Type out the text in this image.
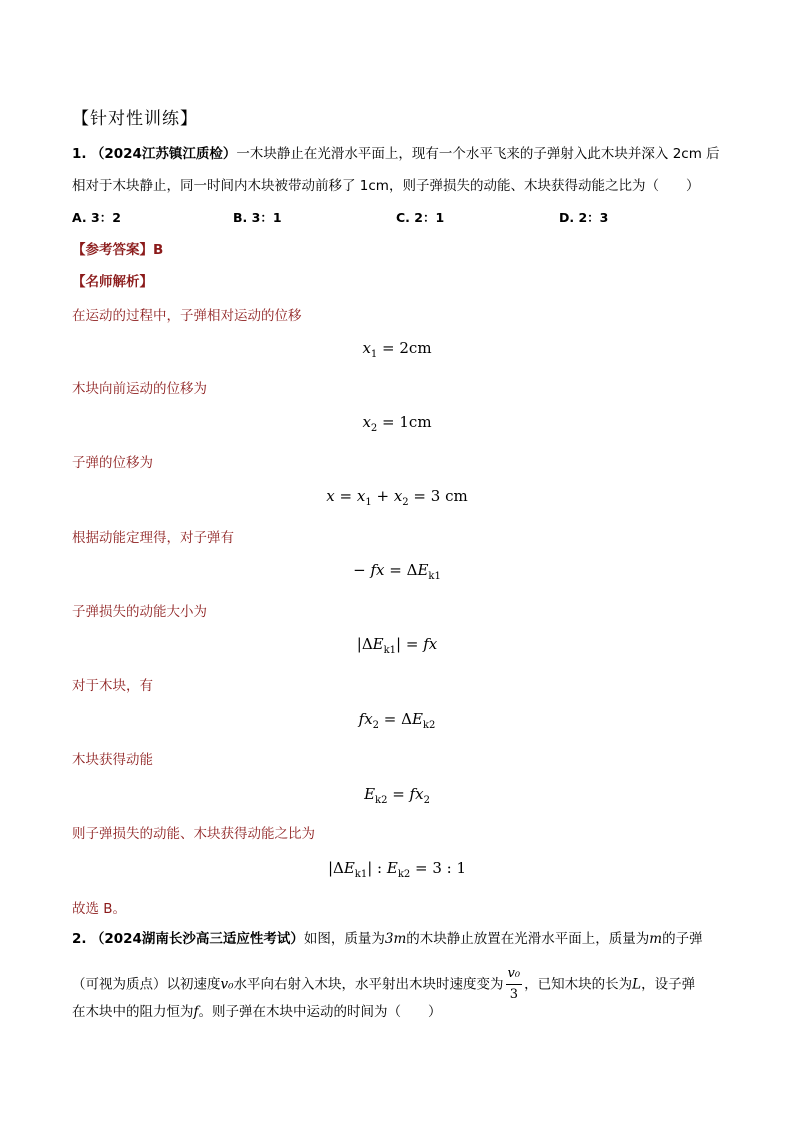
【针对性训练】
1. （2024江苏镇江质检）一木块静止在光滑水平面上，现有一个水平飞来的子弹射入此木块并深入 2cm 后
相对于木块静止，同一时间内木块被带动前移了 1cm，则子弹损失的动能、木块获得动能之比为（　　）
A. 3：2	B. 3：1	C. 2：1	D. 2：3
【参考答案】B
【名师解析】
在运动的过程中，子弹相对运动的位移
$x_1 = 2cm$
木块向前运动的位移为
$x_2 = 1cm$
子弹的位移为
$x = x_1 + x_2 = 3$ cm
根据动能定理得，对子弹有
− fx = $\Delta E_{k1}$
子弹损失的动能大小为
$|\Delta E_{k1}|$ = fx
对于木块，有
$fx_2 = \Delta E_{k2}$
木块获得动能
$E_{k2} = fx_2$
则子弹损失的动能、木块获得动能之比为
$|\Delta E_{k1}|$ : $E_{k2} = 3$ : 1
故选 B。
2. （2024湖南长沙高三适应性考试）如图，质量为3m的木块静止放置在光滑水平面上，质量为m的子弹
（可视为质点）以初速度v₀水平向右射入木块，水平射出木块时速度变为 $\frac{\text{v₀}}{3}$ ，已知木块的长为L，设子弹
在木块中的阻力恒为f。则子弹在木块中运动的时间为（　　）
